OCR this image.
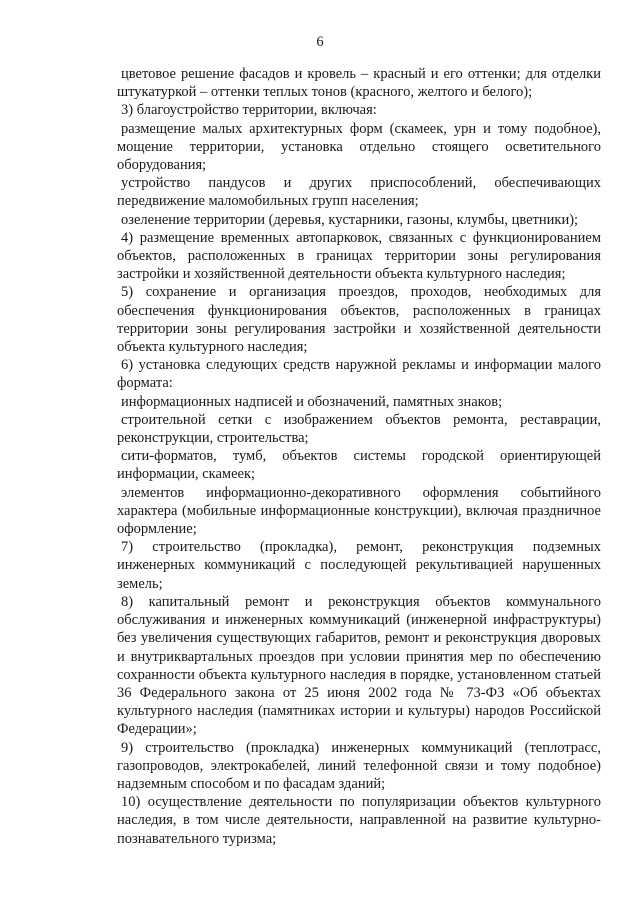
6

цветовое решение фасадов и кровель – красный и его оттенки; для отделки штукатуркой – оттенки теплых тонов (красного, желтого и белого);

3) благоустройство территории, включая:

размещение малых архитектурных форм (скамеек, урн и тому подобное), мощение территории, установка отдельно стоящего осветительного оборудования;

устройство пандусов и других приспособлений, обеспечивающих передвижение маломобильных групп населения;

озеленение территории (деревья, кустарники, газоны, клумбы, цветники);

4) размещение временных автопарковок, связанных с функционированием объектов, расположенных в границах территории зоны регулирования застройки и хозяйственной деятельности объекта культурного наследия;

5) сохранение и организация проездов, проходов, необходимых для обеспечения функционирования объектов, расположенных в границах территории зоны регулирования застройки и хозяйственной деятельности объекта культурного наследия;

6) установка следующих средств наружной рекламы и информации малого формата:

информационных надписей и обозначений, памятных знаков;

строительной сетки с изображением объектов ремонта, реставрации, реконструкции, строительства;

сити-форматов, тумб, объектов системы городской ориентирующей информации, скамеек;

элементов информационно-декоративного оформления событийного характера (мобильные информационные конструкции), включая праздничное оформление;

7) строительство (прокладка), ремонт, реконструкция подземных инженерных коммуникаций с последующей рекультивацией нарушенных земель;

8) капитальный ремонт и реконструкция объектов коммунального обслуживания и инженерных коммуникаций (инженерной инфраструктуры) без увеличения существующих габаритов, ремонт и реконструкция дворовых и внутриквартальных проездов при условии принятия мер по обеспечению сохранности объекта культурного наследия в порядке, установленном статьей 36 Федерального закона от 25 июня 2002 года № 73-ФЗ «Об объектах культурного наследия (памятниках истории и культуры) народов Российской Федерации»;

9) строительство (прокладка) инженерных коммуникаций (теплотрасс, газопроводов, электрокабелей, линий телефонной связи и тому подобное) надземным способом и по фасадам зданий;

10) осуществление деятельности по популяризации объектов культурного наследия, в том числе деятельности, направленной на развитие культурно-познавательного туризма;
